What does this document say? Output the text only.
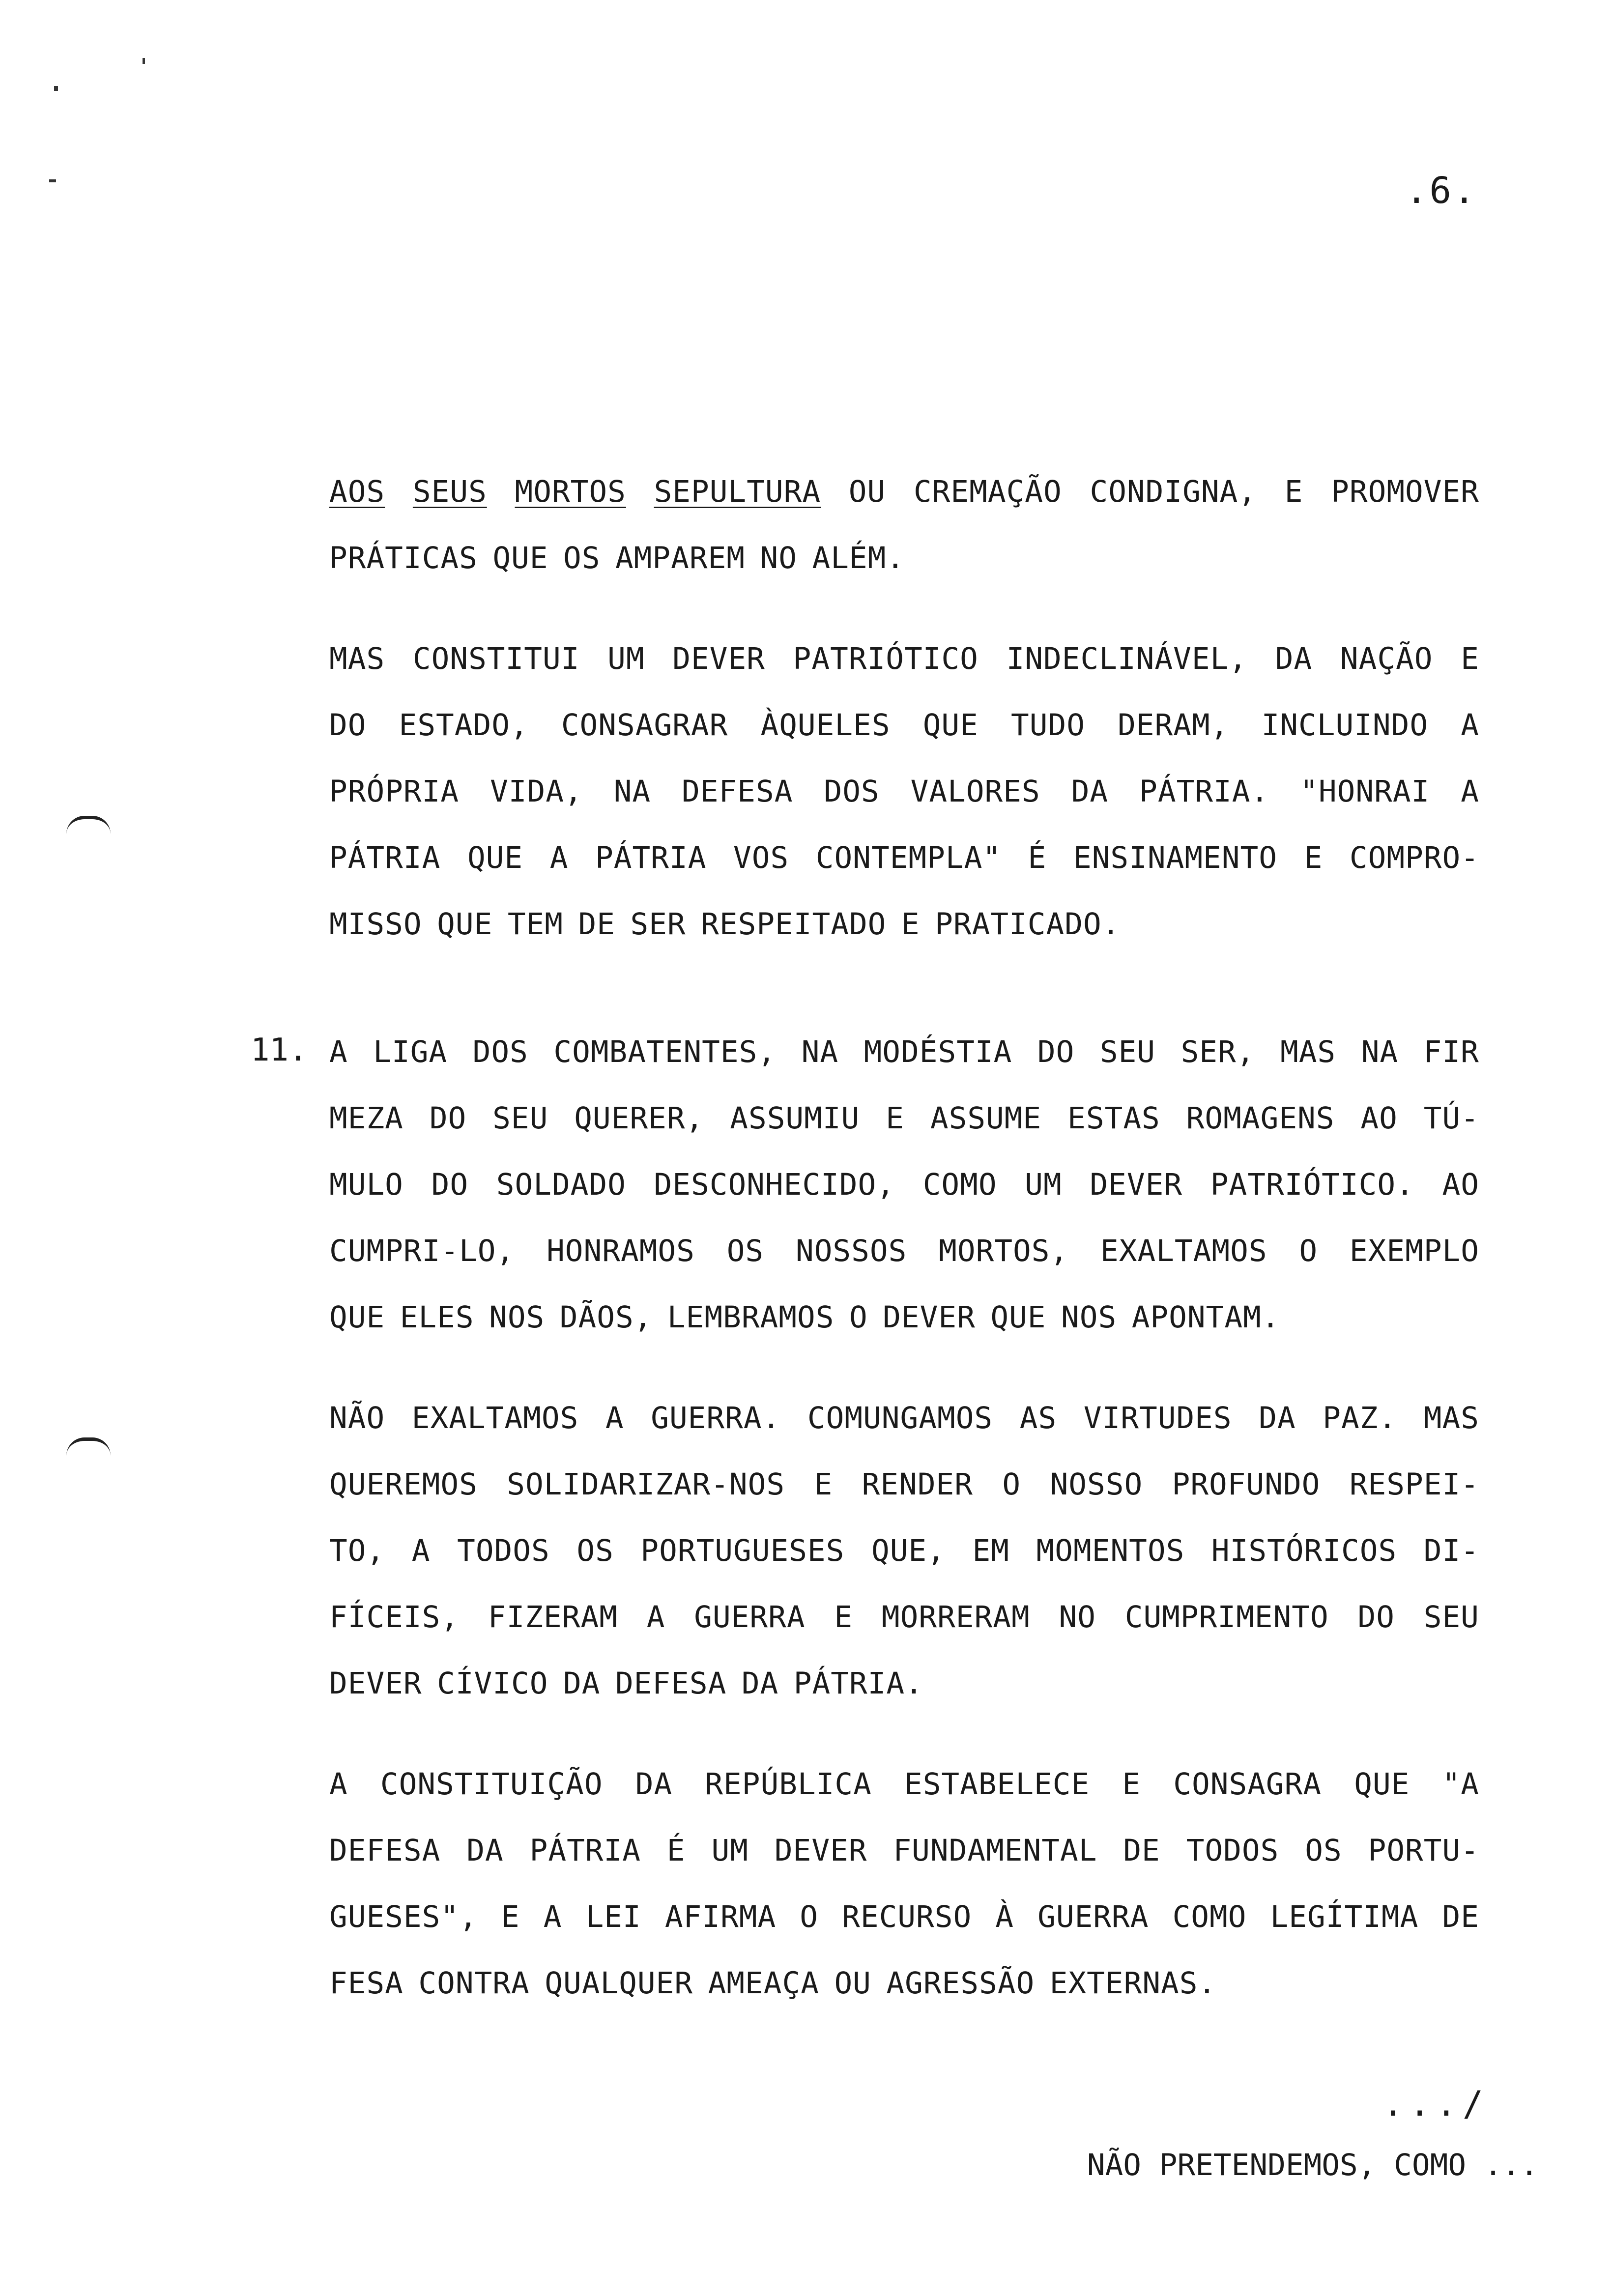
.6.
AOS SEUS MORTOS SEPULTURA OU CREMAÇÃO CONDIGNA, E PROMOVER
PRÁTICAS QUE OS AMPAREM NO ALÉM.
MAS CONSTITUI UM DEVER PATRIÓTICO INDECLINÁVEL, DA NAÇÃO E
DO ESTADO, CONSAGRAR ÀQUELES QUE TUDO DERAM, INCLUINDO A
PRÓPRIA VIDA, NA DEFESA DOS VALORES DA PÁTRIA. "HONRAI A
PÁTRIA QUE A PÁTRIA VOS CONTEMPLA" É ENSINAMENTO E COMPRO-
MISSO QUE TEM DE SER RESPEITADO E PRATICADO.
11. A LIGA DOS COMBATENTES, NA MODÉSTIA DO SEU SER, MAS NA FIR
MEZA DO SEU QUERER, ASSUMIU E ASSUME ESTAS ROMAGENS AO TÚ-
MULO DO SOLDADO DESCONHECIDO, COMO UM DEVER PATRIÓTICO. AO
CUMPRI-LO, HONRAMOS OS NOSSOS MORTOS, EXALTAMOS O EXEMPLO
QUE ELES NOS DÃOS, LEMBRAMOS O DEVER QUE NOS APONTAM.
NÃO EXALTAMOS A GUERRA. COMUNGAMOS AS VIRTUDES DA PAZ. MAS
QUEREMOS SOLIDARIZAR-NOS E RENDER O NOSSO PROFUNDO RESPEI-
TO, A TODOS OS PORTUGUESES QUE, EM MOMENTOS HISTÓRICOS DI-
FÍCEIS, FIZERAM A GUERRA E MORRERAM NO CUMPRIMENTO DO SEU
DEVER CÍVICO DA DEFESA DA PÁTRIA.
A CONSTITUIÇÃO DA REPÚBLICA ESTABELECE E CONSAGRA QUE "A
DEFESA DA PÁTRIA É UM DEVER FUNDAMENTAL DE TODOS OS PORTU-
GUESES", E A LEI AFIRMA O RECURSO À GUERRA COMO LEGÍTIMA DE
FESA CONTRA QUALQUER AMEAÇA OU AGRESSÃO EXTERNAS.
.../
NÃO PRETENDEMOS, COMO ...
